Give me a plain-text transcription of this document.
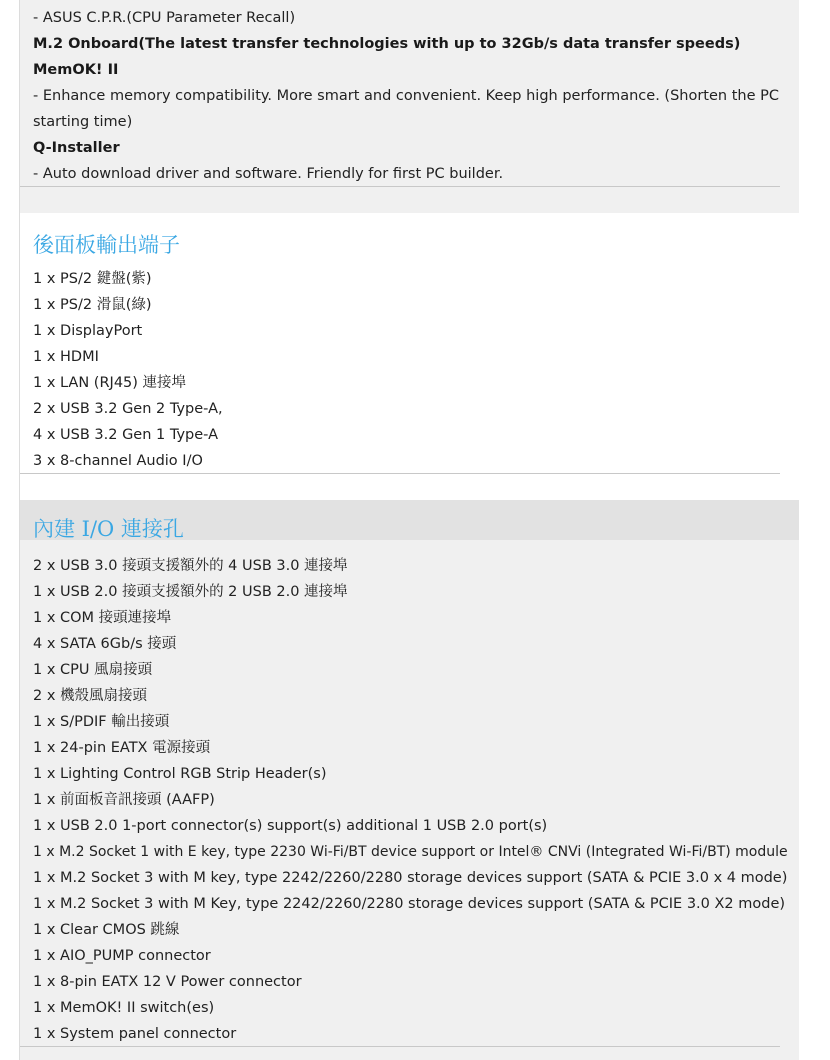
- ASUS C.P.R.(CPU Parameter Recall)
M.2 Onboard(The latest transfer technologies with up to 32Gb/s data transfer speeds)
MemOK! II
- Enhance memory compatibility. More smart and convenient. Keep high performance. (Shorten the PC
starting time)
Q-Installer
- Auto download driver and software. Friendly for first PC builder.
後面板輸出端子
1 x PS/2 鍵盤(紫)
1 x PS/2 滑鼠(綠)
1 x DisplayPort
1 x HDMI
1 x LAN (RJ45) 連接埠
2 x USB 3.2 Gen 2 Type-A,
4 x USB 3.2 Gen 1 Type-A
3 x 8-channel Audio I/O
內建 I/O 連接孔
2 x USB 3.0 接頭支援額外的 4 USB 3.0 連接埠
1 x USB 2.0 接頭支援額外的 2 USB 2.0 連接埠
1 x COM 接頭連接埠
4 x SATA 6Gb/s 接頭
1 x CPU 風扇接頭
2 x 機殼風扇接頭
1 x S/PDIF 輸出接頭
1 x 24-pin EATX 電源接頭
1 x Lighting Control RGB Strip Header(s)
1 x 前面板音訊接頭 (AAFP)
1 x USB 2.0 1-port connector(s) support(s) additional 1 USB 2.0 port(s)
1 x M.2 Socket 1 with E key, type 2230 Wi-Fi/BT device support or Intel® CNVi (Integrated Wi-Fi/BT) module
1 x M.2 Socket 3 with M key, type 2242/2260/2280 storage devices support (SATA & PCIE 3.0 x 4 mode)
1 x M.2 Socket 3 with M Key, type 2242/2260/2280 storage devices support (SATA & PCIE 3.0 X2 mode)
1 x Clear CMOS 跳線
1 x AIO_PUMP connector
1 x 8-pin EATX 12 V Power connector
1 x MemOK! II switch(es)
1 x System panel connector
